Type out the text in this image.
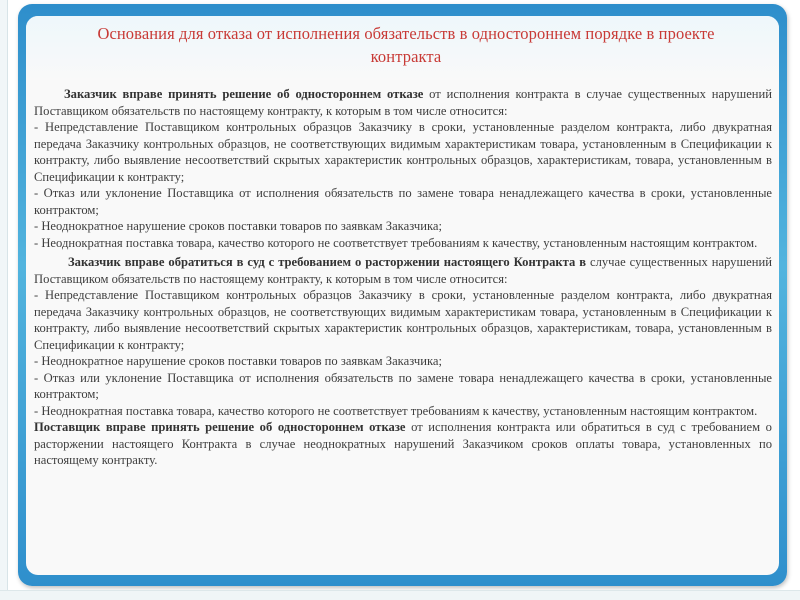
Основания для отказа от исполнения обязательств в одностороннем порядке в проекте контракта

Заказчик вправе принять решение об одностороннем отказе от исполнения контракта в случае существенных нарушений Поставщиком обязательств по настоящему контракту, к которым в том числе относится:

- Непредставление Поставщиком контрольных образцов Заказчику в сроки, установленные разделом контракта, либо двукратная передача Заказчику контрольных образцов, не соответствующих видимым характеристикам товара, установленным в Спецификации к контракту, либо выявление несоответствий скрытых характеристик контрольных образцов, характеристикам, товара, установленным в Спецификации к контракту;

- Отказ или уклонение Поставщика от исполнения обязательств по замене товара ненадлежащего качества в сроки, установленные контрактом;

- Неоднократное нарушение сроков поставки товаров по заявкам Заказчика;

- Неоднократная поставка товара, качество которого не соответствует требованиям к качеству, установленным настоящим контрактом.

Заказчик вправе обратиться в суд с требованием о расторжении настоящего Контракта в случае существенных нарушений Поставщиком обязательств по настоящему контракту, к которым в том числе относится:

- Непредставление Поставщиком контрольных образцов Заказчику в сроки, установленные разделом контракта, либо двукратная передача Заказчику контрольных образцов, не соответствующих видимым характеристикам товара, установленным в Спецификации к контракту, либо выявление несоответствий скрытых характеристик контрольных образцов, характеристикам, товара, установленным в Спецификации к контракту;

- Неоднократное нарушение сроков поставки товаров по заявкам Заказчика;

- Отказ или уклонение Поставщика от исполнения обязательств по замене товара ненадлежащего качества в сроки, установленные контрактом;

- Неоднократная поставка товара, качество которого не соответствует требованиям к качеству, установленным настоящим контрактом.

Поставщик вправе принять решение об одностороннем отказе от исполнения контракта или обратиться в суд с требованием о расторжении настоящего Контракта в случае неоднократных нарушений Заказчиком сроков оплаты товара, установленных по настоящему контракту.
